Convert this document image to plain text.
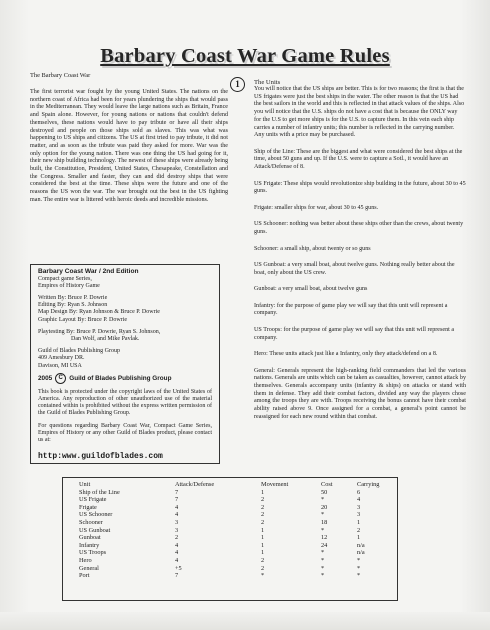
Barbary Coast War Game Rules
1

The Barbary Coast War

The first terrorist war fought by the young United States. The nations on the northern coast of Africa had been for years plundering the ships that would pass in the Mediterranean. They would leave the large nations such as Britain, France and Spain alone. However, for young nations or nations that couldn't defend themselves, these nations would have to pay tribute or have all their ships destroyed and people on those ships sold as slaves. This was what was happening to US ships and citizens. The US at first tried to pay tribute, it did not matter, and as soon as the tribute was paid they asked for more. War was the only option for the young nation. There was one thing the US had going for it, their new ship building technology. The newest of these ships were already being built, the Constitution, President, United States, Chesapeake, Constellation and the Congress. Smaller and faster, they can and did destroy ships that were considered the best at the time. These ships were the future and one of the reasons the US won the war. The war brought out the best in the US fighting man. The entire war is littered with heroic deeds and incredible missions.

Barbary Coast War / 2nd Edition
Compact game Series,
Empires of History Game
Written By: Bruce P. Dowrie
Editing By: Ryan S. Johnson
Map Design By: Ryan Johnson & Bruce P. Dowrie
Graphic Layout By: Bruce P. Dowrie
Playtesting By: Bruce P. Dowrie, Ryan S. Johnson,
Dan Wolf, and Mike Pavlak.
Guild of Blades Publishing Group
409 Amesbury DR.
Davison, MI USA
2005	C Guild of Blades Publishing Group

This book is protected under the copyright laws of the United States of America. Any reproduction of other unauthorized use of the material contained within is prohibited without the express written permission of the Guild of Blades Publishing Group.

For questions regarding Barbary Coast War, Compact Game Series, Empires of History or any other Guild of Blades product, please contact us at:

http:www.guildofblades.com
The Units

You will notice that the US ships are better. This is for two reasons; the first is that the US frigates were just the best ships in the water. The other reason is that the US had the best sailors in the world and this is reflected in that attack values of the ships. Also you will notice that the U.S. ships do not have a cost that is because the ONLY way for the U.S to get more ships is for the U.S. to capture them. In this vein each ship carries a number of infantry units; this number is reflected in the carrying number. Any units with a price may be purchased.

Ship of the Line: These are the biggest and what were considered the best ships at the time, about 50 guns and up. If the U.S. were to capture a Sotl., it would have an Attack/Defense of 8.

US Frigate: These ships would revolutionize ship building in the future, about 30 to 45 guns.

Frigate: smaller ships for war, about 30 to 45 guns.

US Schooner: nothing was better about these ships other than the crews, about twenty guns.

Schooner: a small ship, about twenty or so guns

US Gunboat: a very small boat, about twelve guns. Nothing really better about the boat, only about the US crew.

Gunboat: a very small boat, about twelve guns

Infantry: for the purpose of game play we will say that this unit will represent a company.

US Troops: for the purpose of game play we will say that this unit will represent a company.

Hero: These units attack just like a Infantry, only they attack/defend on a 8.

General: Generals represent the high-ranking field commanders that led the various nations. Generals are units which can be taken as casualties, however, cannot attack by themselves. Generals accompany units (infantry & ships) on attacks or stand with them in defense. They add their combat factors, divided any way the players chose among the troops they are with. Troops receiving the bonus cannot have their combat ability raised above 9. Once assigned for a combat, a general's point cannot be reassigned for each new round within that combat.

Unit
Ship of the Line
US Frigate
Frigate
US Schooner
Schooner
US Gunboat
Gunboat
Infantry
US Troops
Hero
General
Port
Attack/Defense
7
7
4
4
3
3
2
4
4
4
+5
7
Movement
1
2
2
2
2
1
1
1
1
2
2
*
Cost
50
*
20
*
18
*
12
24
*
*
*
*
Carrying
6
4
3
3
1
2
1
n/a
n/a
*
*
*
